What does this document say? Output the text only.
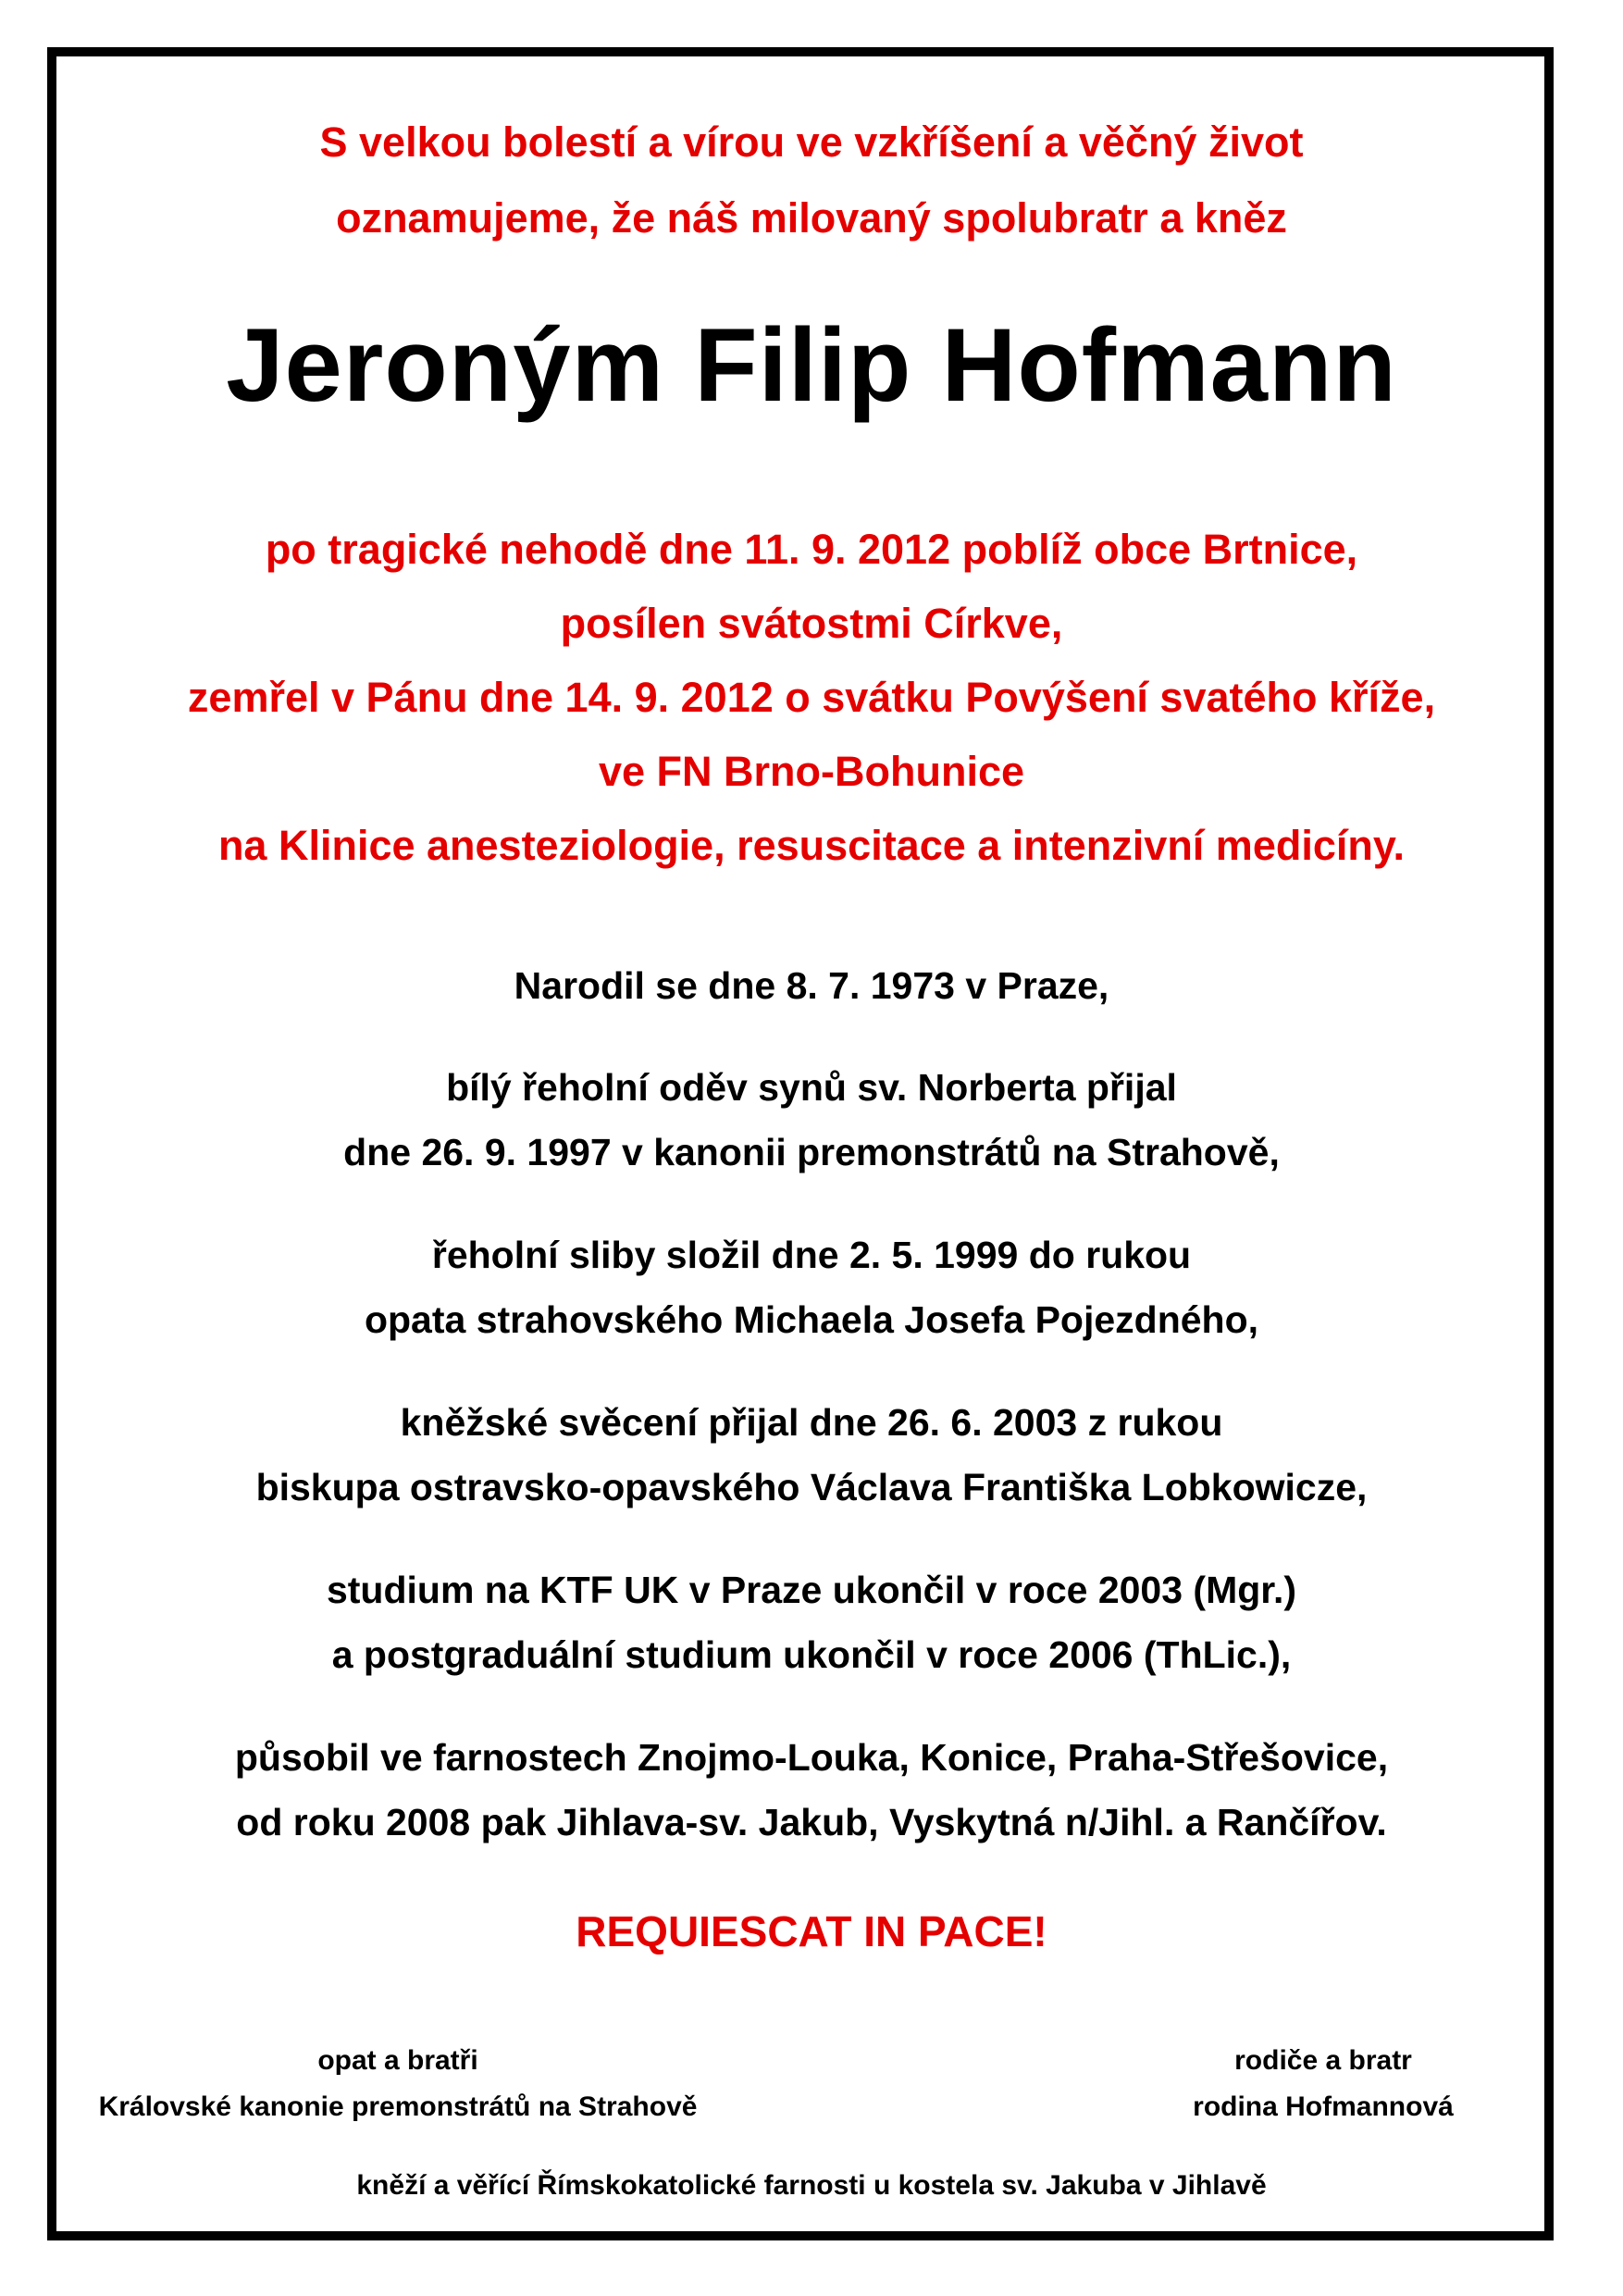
S velkou bolestí a vírou ve vzkříšení a věčný život
oznamujeme, že náš milovaný spolubratr a kněz
Jeroným Filip Hofmann
po tragické nehodě dne 11. 9. 2012 poblíž obce Brtnice,
posílen svátostmi Církve,
zemřel v Pánu dne 14. 9. 2012 o svátku Povýšení svatého kříže,
ve FN Brno-Bohunice
na Klinice anesteziologie, resuscitace a intenzivní medicíny.
Narodil se dne 8. 7. 1973 v Praze,
bílý řeholní oděv synů sv. Norberta přijal
dne 26. 9. 1997 v kanonii premonstrátů na Strahově,
řeholní sliby složil dne 2. 5. 1999 do rukou
opata strahovského Michaela Josefa Pojezdného,
kněžské svěcení přijal dne 26. 6. 2003 z rukou
biskupa ostravsko-opavského Václava Františka Lobkowicze,
studium na KTF UK v Praze ukončil v roce 2003 (Mgr.)
a postgraduální studium ukončil v roce 2006 (ThLic.),
působil ve farnostech Znojmo-Louka, Konice, Praha-Střešovice,
od roku 2008 pak Jihlava-sv. Jakub, Vyskytná n/Jihl. a Rančířov.
REQUIESCAT IN PACE!
opat a bratři
Královské kanonie premonstrátů na Strahově
rodiče a bratr
rodina Hofmannová
kněží a věřící Římskokatolické farnosti u kostela sv. Jakuba v Jihlavě
